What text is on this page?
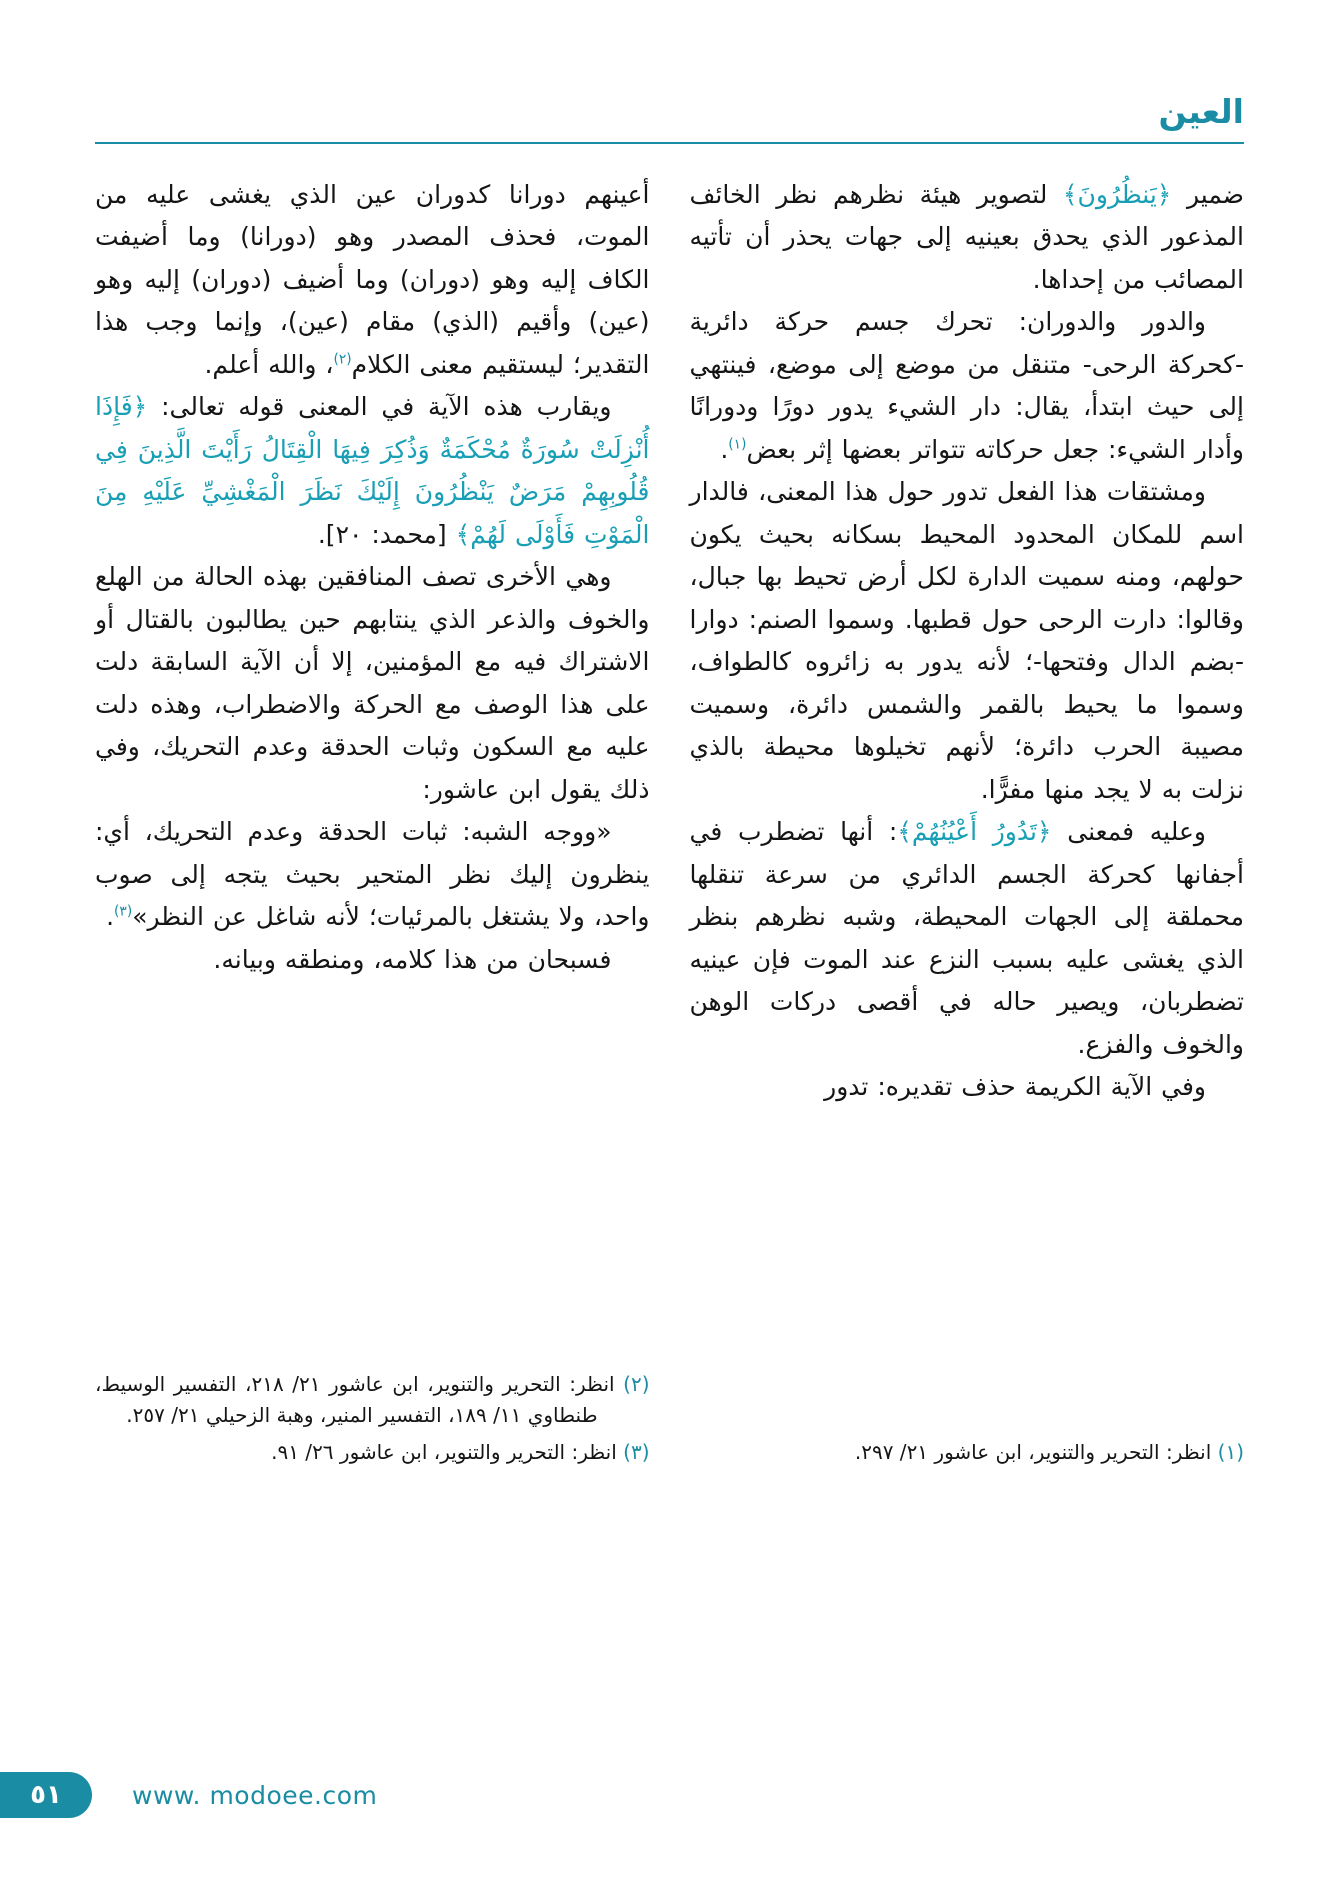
العين

ضمير ﴿يَنظُرُونَ﴾ لتصوير هيئة نظرهم نظر الخائف المذعور الذي يحدق بعينيه إلى جهات يحذر أن تأتيه المصائب من إحداها.

والدور والدوران: تحرك جسم حركة دائرية -كحركة الرحى- متنقل من موضع إلى موضع، فينتهي إلى حيث ابتدأ، يقال: دار الشيء يدور دورًا ودورانًا وأدار الشيء: جعل حركاته تتواتر بعضها إثر بعض$^{(١)}$.

ومشتقات هذا الفعل تدور حول هذا المعنى، فالدار اسم للمكان المحدود المحيط بسكانه بحيث يكون حولهم، ومنه سميت الدارة لكل أرض تحيط بها جبال، وقالوا: دارت الرحى حول قطبها. وسموا الصنم: دوارا -بضم الدال وفتحها-؛ لأنه يدور به زائروه كالطواف، وسموا ما يحيط بالقمر والشمس دائرة، وسميت مصيبة الحرب دائرة؛ لأنهم تخيلوها محيطة بالذي نزلت به لا يجد منها مفرًّا.

وعليه فمعنى ﴿تَدُورُ أَعْيُنُهُمْ﴾: أنها تضطرب في أجفانها كحركة الجسم الدائري من سرعة تنقلها محملقة إلى الجهات المحيطة، وشبه نظرهم بنظر الذي يغشى عليه بسبب النزع عند الموت فإن عينيه تضطربان، ويصير حاله في أقصى دركات الوهن والخوف والفزع.

وفي الآية الكريمة حذف تقديره: تدور

(١) انظر: التحرير والتنوير، ابن عاشور ٢١/ ٢٩٧.

أعينهم دورانا كدوران عين الذي يغشى عليه من الموت، فحذف المصدر وهو (دورانا) وما أضيفت الكاف إليه وهو (دوران) وما أضيف (دوران) إليه وهو (عين) وأقيم (الذي) مقام (عين)، وإنما وجب هذا التقدير؛ ليستقيم معنى الكلام$^{(٢)}$، والله أعلم.

ويقارب هذه الآية في المعنى قوله تعالى: ﴿فَإِذَا أُنْزِلَتْ سُورَةٌ مُحْكَمَةٌ وَذُكِرَ فِيهَا الْقِتَالُ رَأَيْتَ الَّذِينَ فِي قُلُوبِهِمْ مَرَضٌ يَنْظُرُونَ إِلَيْكَ نَظَرَ الْمَغْشِيِّ عَلَيْهِ مِنَ الْمَوْتِ فَأَوْلَى لَهُمْ﴾ [محمد: ٢٠].

وهي الأخرى تصف المنافقين بهذه الحالة من الهلع والخوف والذعر الذي ينتابهم حين يطالبون بالقتال أو الاشتراك فيه مع المؤمنين، إلا أن الآية السابقة دلت على هذا الوصف مع الحركة والاضطراب، وهذه دلت عليه مع السكون وثبات الحدقة وعدم التحريك، وفي ذلك يقول ابن عاشور:

«ووجه الشبه: ثبات الحدقة وعدم التحريك، أي: ينظرون إليك نظر المتحير بحيث يتجه إلى صوب واحد، ولا يشتغل بالمرئيات؛ لأنه شاغل عن النظر»$^{(٣)}$.

فسبحان من هذا كلامه، ومنطقه وبيانه.

(٢) انظر: التحرير والتنوير، ابن عاشور ٢١/ ٢١٨، التفسير الوسيط، طنطاوي ١١/ ١٨٩، التفسير المنير، وهبة الزحيلي ٢١/ ٢٥٧.
(٣) انظر: التحرير والتنوير، ابن عاشور ٢٦/ ٩١.
٥١	www. modoee.com
